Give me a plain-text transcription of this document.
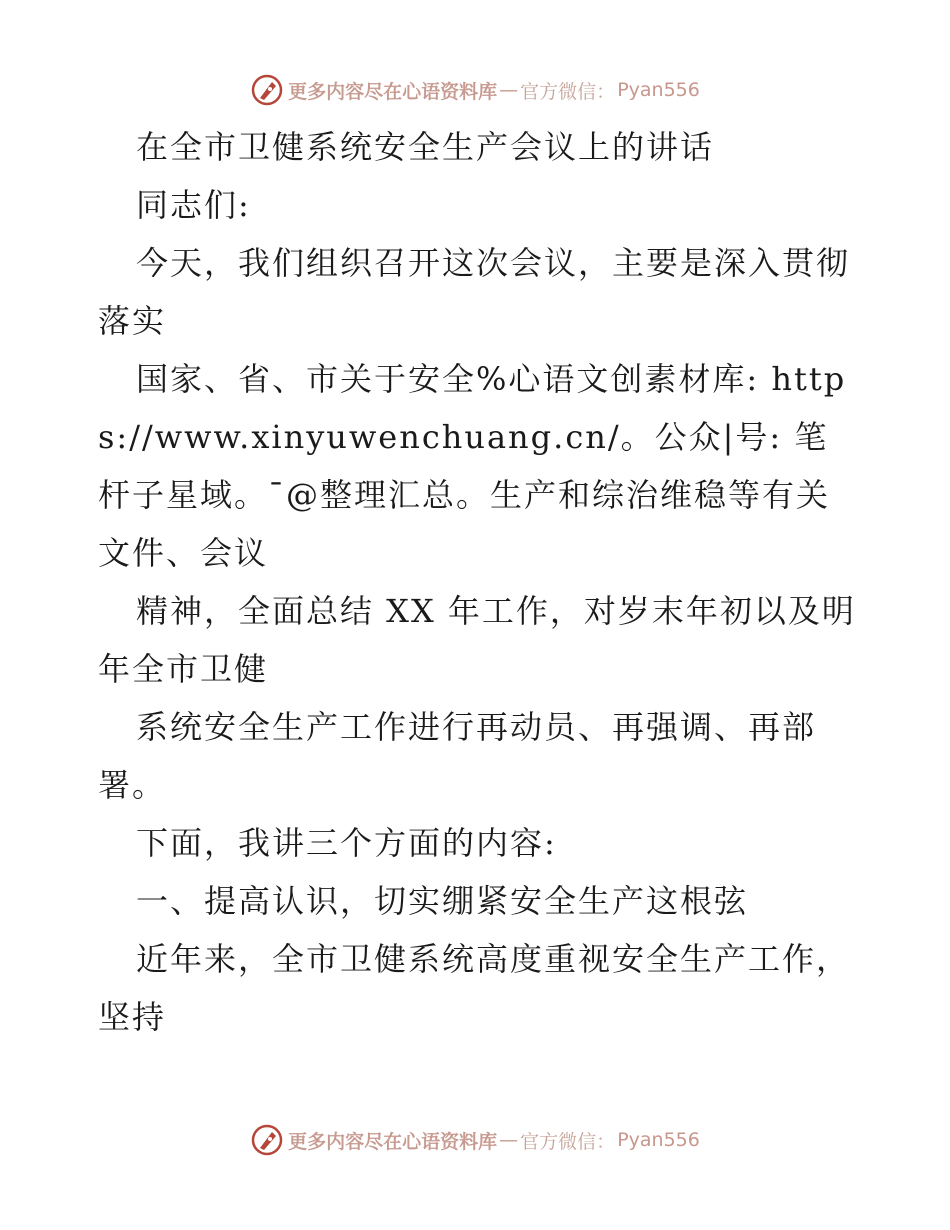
更多内容尽在心语资料库 — 官方微信： Pyan556

在全市卫健系统安全生产会议上的讲话

同志们:

今天，我们组织召开这次会议，主要是深入贯彻落实

国家、省、市关于安全%心语文创素材库: https://www.xinyuwenchuang.cn/。公众|号: 笔杆子星域。¯@整理汇总。生产和综治维稳等有关文件、会议

精神，全面总结 XX 年工作，对岁末年初以及明年全市卫健

系统安全生产工作进行再动员、再强调、再部署。

下面，我讲三个方面的内容:

一、提高认识，切实绷紧安全生产这根弦

近年来，全市卫健系统高度重视安全生产工作，坚持

更多内容尽在心语资料库 — 官方微信： Pyan556
